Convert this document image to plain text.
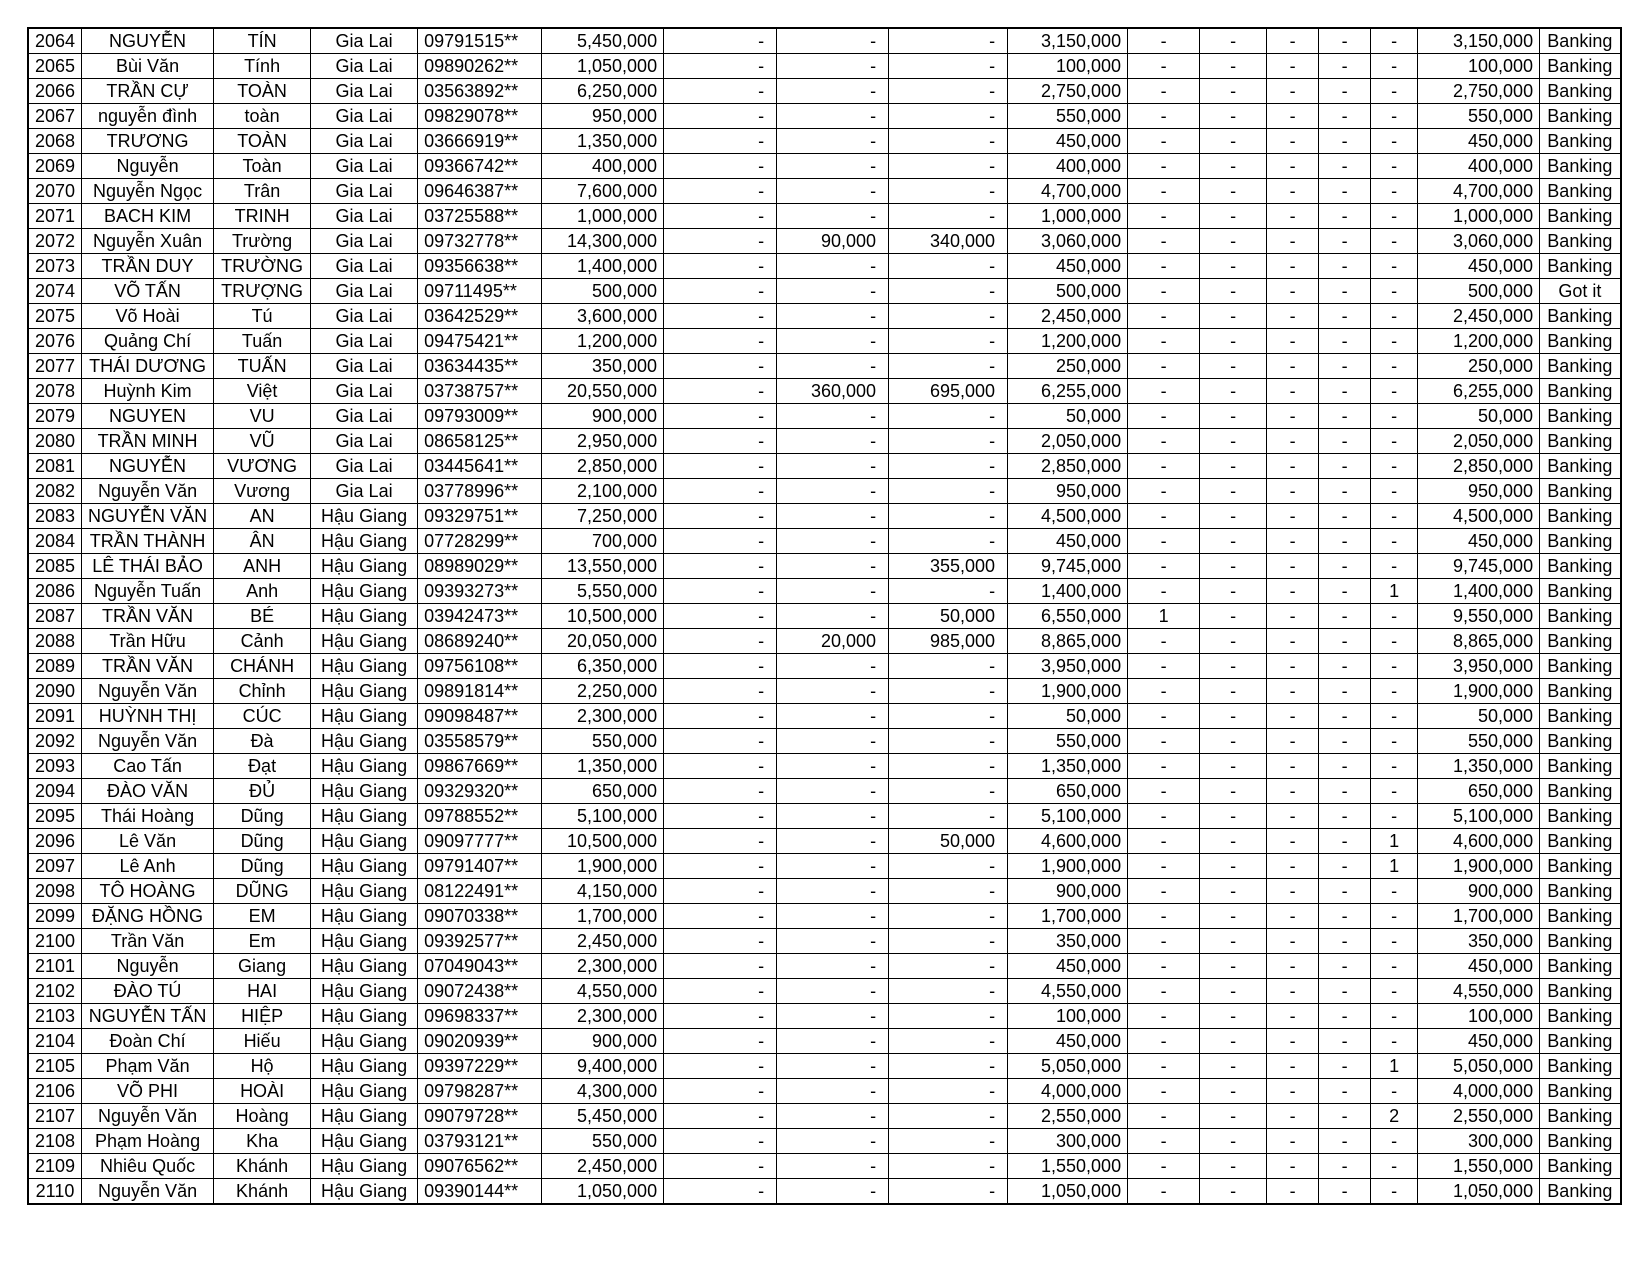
2064	NGUYỄN	TÍN	Gia Lai	09791515**	5,450,000	-	-	-	3,150,000	-	-	-	-	-	3,150,000	Banking
2065	Bùi Văn	Tính	Gia Lai	09890262**	1,050,000	-	-	-	100,000	-	-	-	-	-	100,000	Banking
2066	TRẦN CỰ	TOÀN	Gia Lai	03563892**	6,250,000	-	-	-	2,750,000	-	-	-	-	-	2,750,000	Banking
2067	nguyễn đình	toàn	Gia Lai	09829078**	950,000	-	-	-	550,000	-	-	-	-	-	550,000	Banking
2068	TRƯƠNG	TOÀN	Gia Lai	03666919**	1,350,000	-	-	-	450,000	-	-	-	-	-	450,000	Banking
2069	Nguyễn	Toàn	Gia Lai	09366742**	400,000	-	-	-	400,000	-	-	-	-	-	400,000	Banking
2070	Nguyễn Ngọc	Trân	Gia Lai	09646387**	7,600,000	-	-	-	4,700,000	-	-	-	-	-	4,700,000	Banking
2071	BACH KIM	TRINH	Gia Lai	03725588**	1,000,000	-	-	-	1,000,000	-	-	-	-	-	1,000,000	Banking
2072	Nguyễn Xuân	Trường	Gia Lai	09732778**	14,300,000	-	90,000	340,000	3,060,000	-	-	-	-	-	3,060,000	Banking
2073	TRẦN DUY	TRƯỜNG	Gia Lai	09356638**	1,400,000	-	-	-	450,000	-	-	-	-	-	450,000	Banking
2074	VÕ TẤN	TRƯỢNG	Gia Lai	09711495**	500,000	-	-	-	500,000	-	-	-	-	-	500,000	Got it
2075	Võ Hoài	Tú	Gia Lai	03642529**	3,600,000	-	-	-	2,450,000	-	-	-	-	-	2,450,000	Banking
2076	Quảng Chí	Tuấn	Gia Lai	09475421**	1,200,000	-	-	-	1,200,000	-	-	-	-	-	1,200,000	Banking
2077	THÁI DƯƠNG	TUẤN	Gia Lai	03634435**	350,000	-	-	-	250,000	-	-	-	-	-	250,000	Banking
2078	Huỳnh Kim	Việt	Gia Lai	03738757**	20,550,000	-	360,000	695,000	6,255,000	-	-	-	-	-	6,255,000	Banking
2079	NGUYEN	VU	Gia Lai	09793009**	900,000	-	-	-	50,000	-	-	-	-	-	50,000	Banking
2080	TRẦN MINH	VŨ	Gia Lai	08658125**	2,950,000	-	-	-	2,050,000	-	-	-	-	-	2,050,000	Banking
2081	NGUYỄN	VƯƠNG	Gia Lai	03445641**	2,850,000	-	-	-	2,850,000	-	-	-	-	-	2,850,000	Banking
2082	Nguyễn Văn	Vương	Gia Lai	03778996**	2,100,000	-	-	-	950,000	-	-	-	-	-	950,000	Banking
2083	NGUYỄN VĂN	AN	Hậu Giang	09329751**	7,250,000	-	-	-	4,500,000	-	-	-	-	-	4,500,000	Banking
2084	TRẦN THÀNH	ÂN	Hậu Giang	07728299**	700,000	-	-	-	450,000	-	-	-	-	-	450,000	Banking
2085	LÊ THÁI BẢO	ANH	Hậu Giang	08989029**	13,550,000	-	-	355,000	9,745,000	-	-	-	-	-	9,745,000	Banking
2086	Nguyễn Tuấn	Anh	Hậu Giang	09393273**	5,550,000	-	-	-	1,400,000	-	-	-	-	1	1,400,000	Banking
2087	TRẦN VĂN	BÉ	Hậu Giang	03942473**	10,500,000	-	-	50,000	6,550,000	1	-	-	-	-	9,550,000	Banking
2088	Trần Hữu	Cảnh	Hậu Giang	08689240**	20,050,000	-	20,000	985,000	8,865,000	-	-	-	-	-	8,865,000	Banking
2089	TRẦN VĂN	CHÁNH	Hậu Giang	09756108**	6,350,000	-	-	-	3,950,000	-	-	-	-	-	3,950,000	Banking
2090	Nguyễn Văn	Chỉnh	Hậu Giang	09891814**	2,250,000	-	-	-	1,900,000	-	-	-	-	-	1,900,000	Banking
2091	HUỲNH THỊ	CÚC	Hậu Giang	09098487**	2,300,000	-	-	-	50,000	-	-	-	-	-	50,000	Banking
2092	Nguyễn Văn	Đà	Hậu Giang	03558579**	550,000	-	-	-	550,000	-	-	-	-	-	550,000	Banking
2093	Cao Tấn	Đạt	Hậu Giang	09867669**	1,350,000	-	-	-	1,350,000	-	-	-	-	-	1,350,000	Banking
2094	ĐÀO VĂN	ĐỦ	Hậu Giang	09329320**	650,000	-	-	-	650,000	-	-	-	-	-	650,000	Banking
2095	Thái Hoàng	Dũng	Hậu Giang	09788552**	5,100,000	-	-	-	5,100,000	-	-	-	-	-	5,100,000	Banking
2096	Lê Văn	Dũng	Hậu Giang	09097777**	10,500,000	-	-	50,000	4,600,000	-	-	-	-	1	4,600,000	Banking
2097	Lê Anh	Dũng	Hậu Giang	09791407**	1,900,000	-	-	-	1,900,000	-	-	-	-	1	1,900,000	Banking
2098	TÔ HOÀNG	DŨNG	Hậu Giang	08122491**	4,150,000	-	-	-	900,000	-	-	-	-	-	900,000	Banking
2099	ĐẶNG HỒNG	EM	Hậu Giang	09070338**	1,700,000	-	-	-	1,700,000	-	-	-	-	-	1,700,000	Banking
2100	Trần Văn	Em	Hậu Giang	09392577**	2,450,000	-	-	-	350,000	-	-	-	-	-	350,000	Banking
2101	Nguyễn	Giang	Hậu Giang	07049043**	2,300,000	-	-	-	450,000	-	-	-	-	-	450,000	Banking
2102	ĐÀO TÚ	HAI	Hậu Giang	09072438**	4,550,000	-	-	-	4,550,000	-	-	-	-	-	4,550,000	Banking
2103	NGUYỄN TẤN	HIỆP	Hậu Giang	09698337**	2,300,000	-	-	-	100,000	-	-	-	-	-	100,000	Banking
2104	Đoàn Chí	Hiếu	Hậu Giang	09020939**	900,000	-	-	-	450,000	-	-	-	-	-	450,000	Banking
2105	Phạm Văn	Hộ	Hậu Giang	09397229**	9,400,000	-	-	-	5,050,000	-	-	-	-	1	5,050,000	Banking
2106	VÕ PHI	HOÀI	Hậu Giang	09798287**	4,300,000	-	-	-	4,000,000	-	-	-	-	-	4,000,000	Banking
2107	Nguyễn Văn	Hoàng	Hậu Giang	09079728**	5,450,000	-	-	-	2,550,000	-	-	-	-	2	2,550,000	Banking
2108	Phạm Hoàng	Kha	Hậu Giang	03793121**	550,000	-	-	-	300,000	-	-	-	-	-	300,000	Banking
2109	Nhiêu Quốc	Khánh	Hậu Giang	09076562**	2,450,000	-	-	-	1,550,000	-	-	-	-	-	1,550,000	Banking
2110	Nguyễn Văn	Khánh	Hậu Giang	09390144**	1,050,000	-	-	-	1,050,000	-	-	-	-	-	1,050,000	Banking
